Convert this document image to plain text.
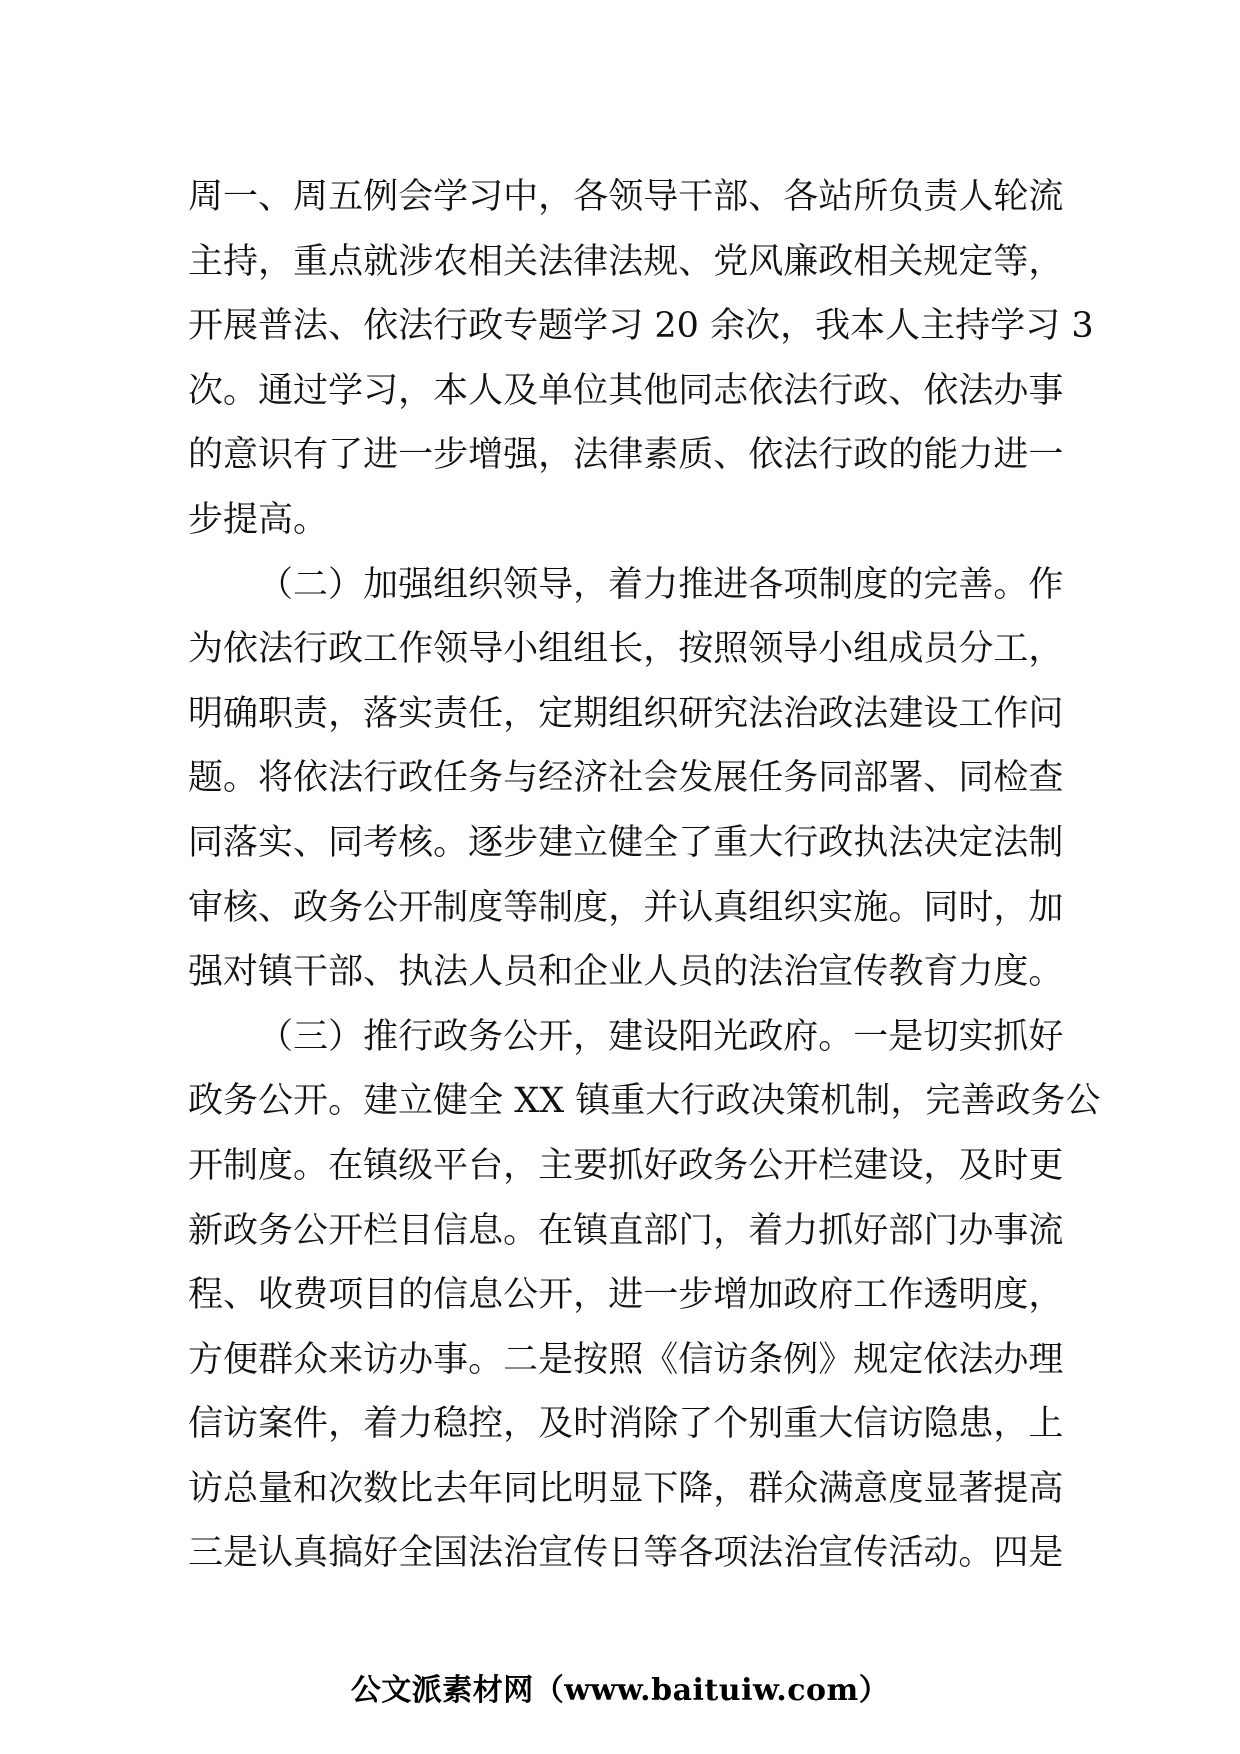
周 一 、 周 五 例 会 学 习 中 ， 各 领 导 干 部 、 各 站 所 负 责 人 轮 流
主 持 ， 重 点 就 涉 农 相 关 法 律 法 规 、 党 风 廉 政 相 关 规 定 等 ，
开 展 普 法 、 依 法 行 政 专 题 学 习
20
余 次 ， 我 本 人 主 持 学 习
3
次 。 通 过 学 习 ， 本 人 及 单 位 其 他 同 志 依 法 行 政 、 依 法 办 事
的 意 识 有 了 进 一 步 增 强 ， 法 律 素 质 、 依 法 行 政 的 能 力 进 一
步 提 高 。

（ 二 ） 加 强 组 织 领 导 ， 着 力 推 进 各 项 制 度 的 完 善 。 作
为 依 法 行 政 工 作 领 导 小 组 组 长 ， 按 照 领 导 小 组 成 员 分 工 ，
明 确 职 责 ， 落 实 责 任 ， 定 期 组 织 研 究 法 治 政 法 建 设 工 作 问
题 。 将 依 法 行 政 任 务 与 经 济 社 会 发 展 任 务 同 部 署 、 同 检 查
同 落 实 、 同 考 核 。 逐 步 建 立 健 全 了 重 大 行 政 执 法 决 定 法 制
审 核 、 政 务 公 开 制 度 等 制 度 ， 并 认 真 组 织 实 施 。 同 时 ， 加
强 对 镇 干 部 、 执 法 人 员 和 企 业 人 员 的 法 治 宣 传 教 育 力 度 。

（ 三 ） 推 行 政 务 公 开 ， 建 设 阳 光 政 府 。 一 是 切 实 抓 好
政 务 公 开 。 建 立 健 全
XX
镇 重 大 行 政 决 策 机 制 ， 完 善 政 务 公
开 制 度 。 在 镇 级 平 台 ， 主 要 抓 好 政 务 公 开 栏 建 设 ， 及 时 更
新 政 务 公 开 栏 目 信 息 。 在 镇 直 部 门 ， 着 力 抓 好 部 门 办 事 流
程 、 收 费 项 目 的 信 息 公 开 ， 进 一 步 增 加 政 府 工 作 透 明 度 ，
方 便 群 众 来 访 办 事 。 二 是 按 照 《 信 访 条 例 》 规 定 依 法 办 理
信 访 案 件 ， 着 力 稳 控 ， 及 时 消 除 了 个 别 重 大 信 访 隐 患 ， 上
访 总 量 和 次 数 比 去 年 同 比 明 显 下 降 ， 群 众 满 意 度 显 著 提 高
三 是 认 真 搞 好 全 国 法 治 宣 传 日 等 各 项 法 治 宣 传 活 动 。 四 是
公文派素材网（www.baituiw.com）
